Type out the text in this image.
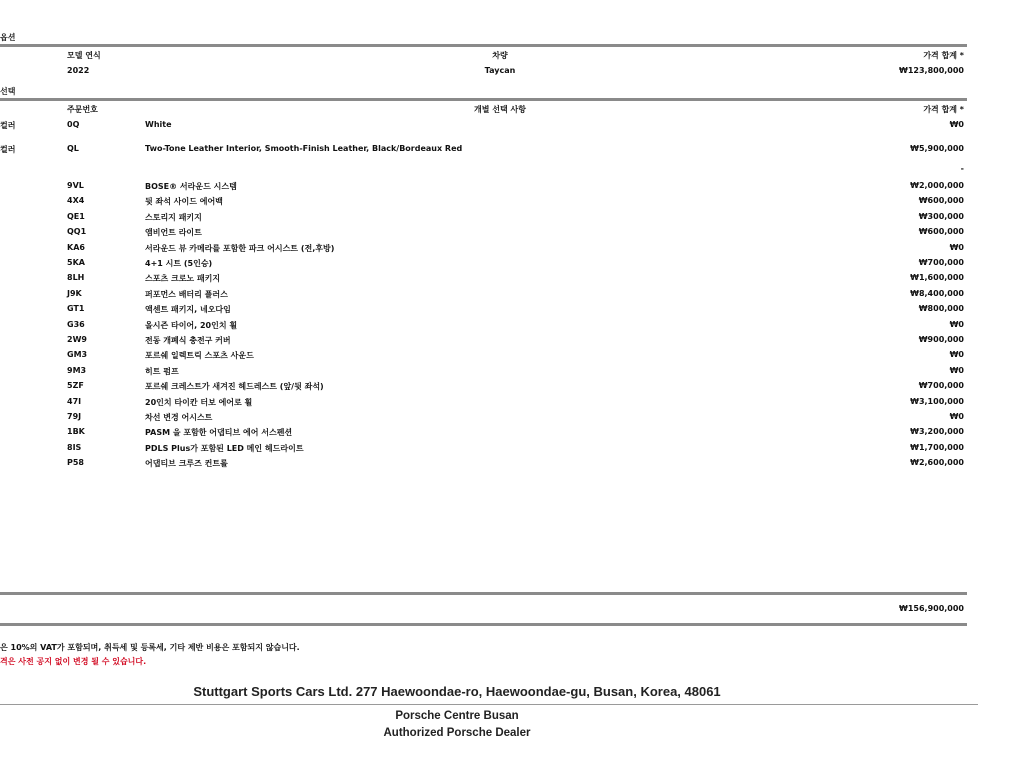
옵션
모델 연식	차량	가격 합계 *
2022	Taycan	₩123,800,000
선택
주문번호	개별 선택 사항	가격 합계 *
컬러	0Q	White	₩0
컬러	QL	Two-Tone Leather Interior, Smooth-Finish Leather, Black/Bordeaux Red	₩5,900,000
-
9VL	BOSE® 서라운드 시스템	₩2,000,000
4X4	뒷 좌석 사이드 에어백	₩600,000
QE1	스토리지 패키지	₩300,000
QQ1	앰비언트 라이트	₩600,000
KA6	서라운드 뷰 카메라를 포함한 파크 어시스트 (전,후방)	₩0
5KA	4+1 시트 (5인승)	₩700,000
8LH	스포츠 크로노 패키지	₩1,600,000
J9K	퍼포먼스 배터리 플러스	₩8,400,000
GT1	액센트 패키지, 네오다임	₩800,000
G36	올시즌 타이어, 20인치 휠	₩0
2W9	전동 개폐식 충전구 커버	₩900,000
GM3	포르쉐 일렉트릭 스포츠 사운드	₩0
9M3	히트 펌프	₩0
5ZF	포르쉐 크레스트가 새겨진 헤드레스트 (앞/뒷 좌석)	₩700,000
47I	20인치 타이칸 터보 에어로 휠	₩3,100,000
79J	차선 변경 어시스트	₩0
1BK	PASM 을 포함한 어댑티브 에어 서스펜션	₩3,200,000
8IS	PDLS Plus가 포함된 LED 메인 헤드라이트	₩1,700,000
P58	어댑티브 크루즈 컨트롤	₩2,600,000
₩156,900,000
은 10%의 VAT가 포함되며, 취득세 및 등록세, 기타 제반 비용은 포함되지 않습니다.
격은 사전 공지 없이 변경 될 수 있습니다.
Stuttgart Sports Cars Ltd. 277 Haewoondae-ro, Haewoondae-gu, Busan, Korea, 48061
Porsche Centre Busan
Authorized Porsche Dealer
